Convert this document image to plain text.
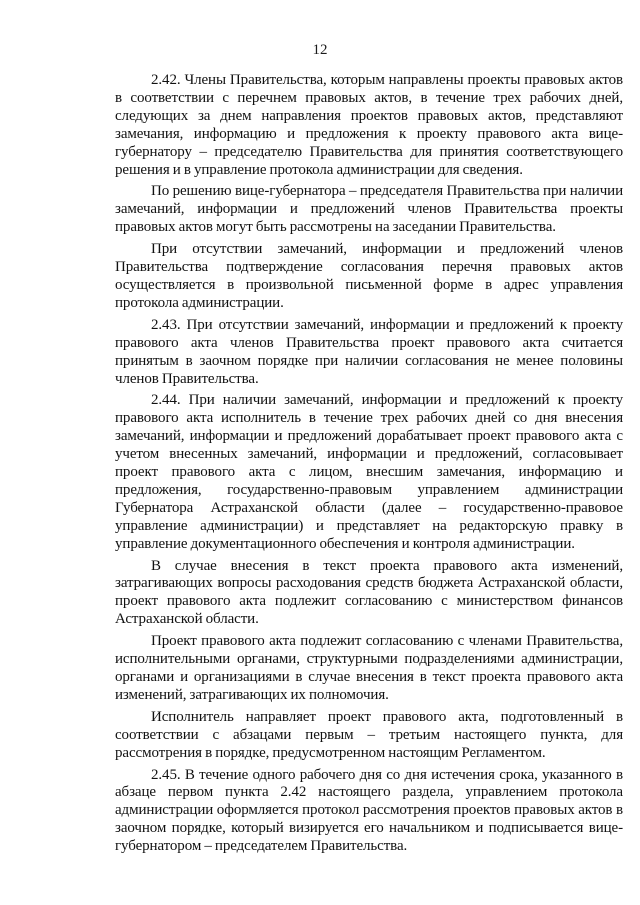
12

2.42. Члены Правительства, которым направлены проекты правовых актов в соответствии с перечнем правовых актов, в течение трех рабочих дней, следующих за днем направления проектов правовых актов, представляют замечания, информацию и предложения к проекту правового акта вице-губернатору – председателю Правительства для принятия соответствующего решения и в управление протокола администрации для сведения.

По решению вице-губернатора – председателя Правительства при наличии замечаний, информации и предложений членов Правительства проекты правовых актов могут быть рассмотрены на заседании Правительства.

При отсутствии замечаний, информации и предложений членов Правительства подтверждение согласования перечня правовых актов осуществляется в произвольной письменной форме в адрес управления протокола администрации.

2.43. При отсутствии замечаний, информации и предложений к проекту правового акта членов Правительства проект правового акта считается принятым в заочном порядке при наличии согласования не менее половины членов Правительства.

2.44. При наличии замечаний, информации и предложений к проекту правового акта исполнитель в течение трех рабочих дней со дня внесения замечаний, информации и предложений дорабатывает проект правового акта с учетом внесенных замечаний, информации и предложений, согласовывает проект правового акта с лицом, внесшим замечания, информацию и предложения, государственно-правовым управлением администрации Губернатора Астраханской области (далее – государственно-правовое управление администрации) и представляет на редакторскую правку в управление документационного обеспечения и контроля администрации.

В случае внесения в текст проекта правового акта изменений, затрагивающих вопросы расходования средств бюджета Астраханской области, проект правового акта подлежит согласованию с министерством финансов Астраханской области.

Проект правового акта подлежит согласованию с членами Правительства, исполнительными органами, структурными подразделениями администрации, органами и организациями в случае внесения в текст проекта правового акта изменений, затрагивающих их полномочия.

Исполнитель направляет проект правового акта, подготовленный в соответствии с абзацами первым – третьим настоящего пункта, для рассмотрения в порядке, предусмотренном настоящим Регламентом.

2.45. В течение одного рабочего дня со дня истечения срока, указанного в абзаце первом пункта 2.42 настоящего раздела, управлением протокола администрации оформляется протокол рассмотрения проектов правовых актов в заочном порядке, который визируется его начальником и подписывается вице-губернатором – председателем Правительства.
